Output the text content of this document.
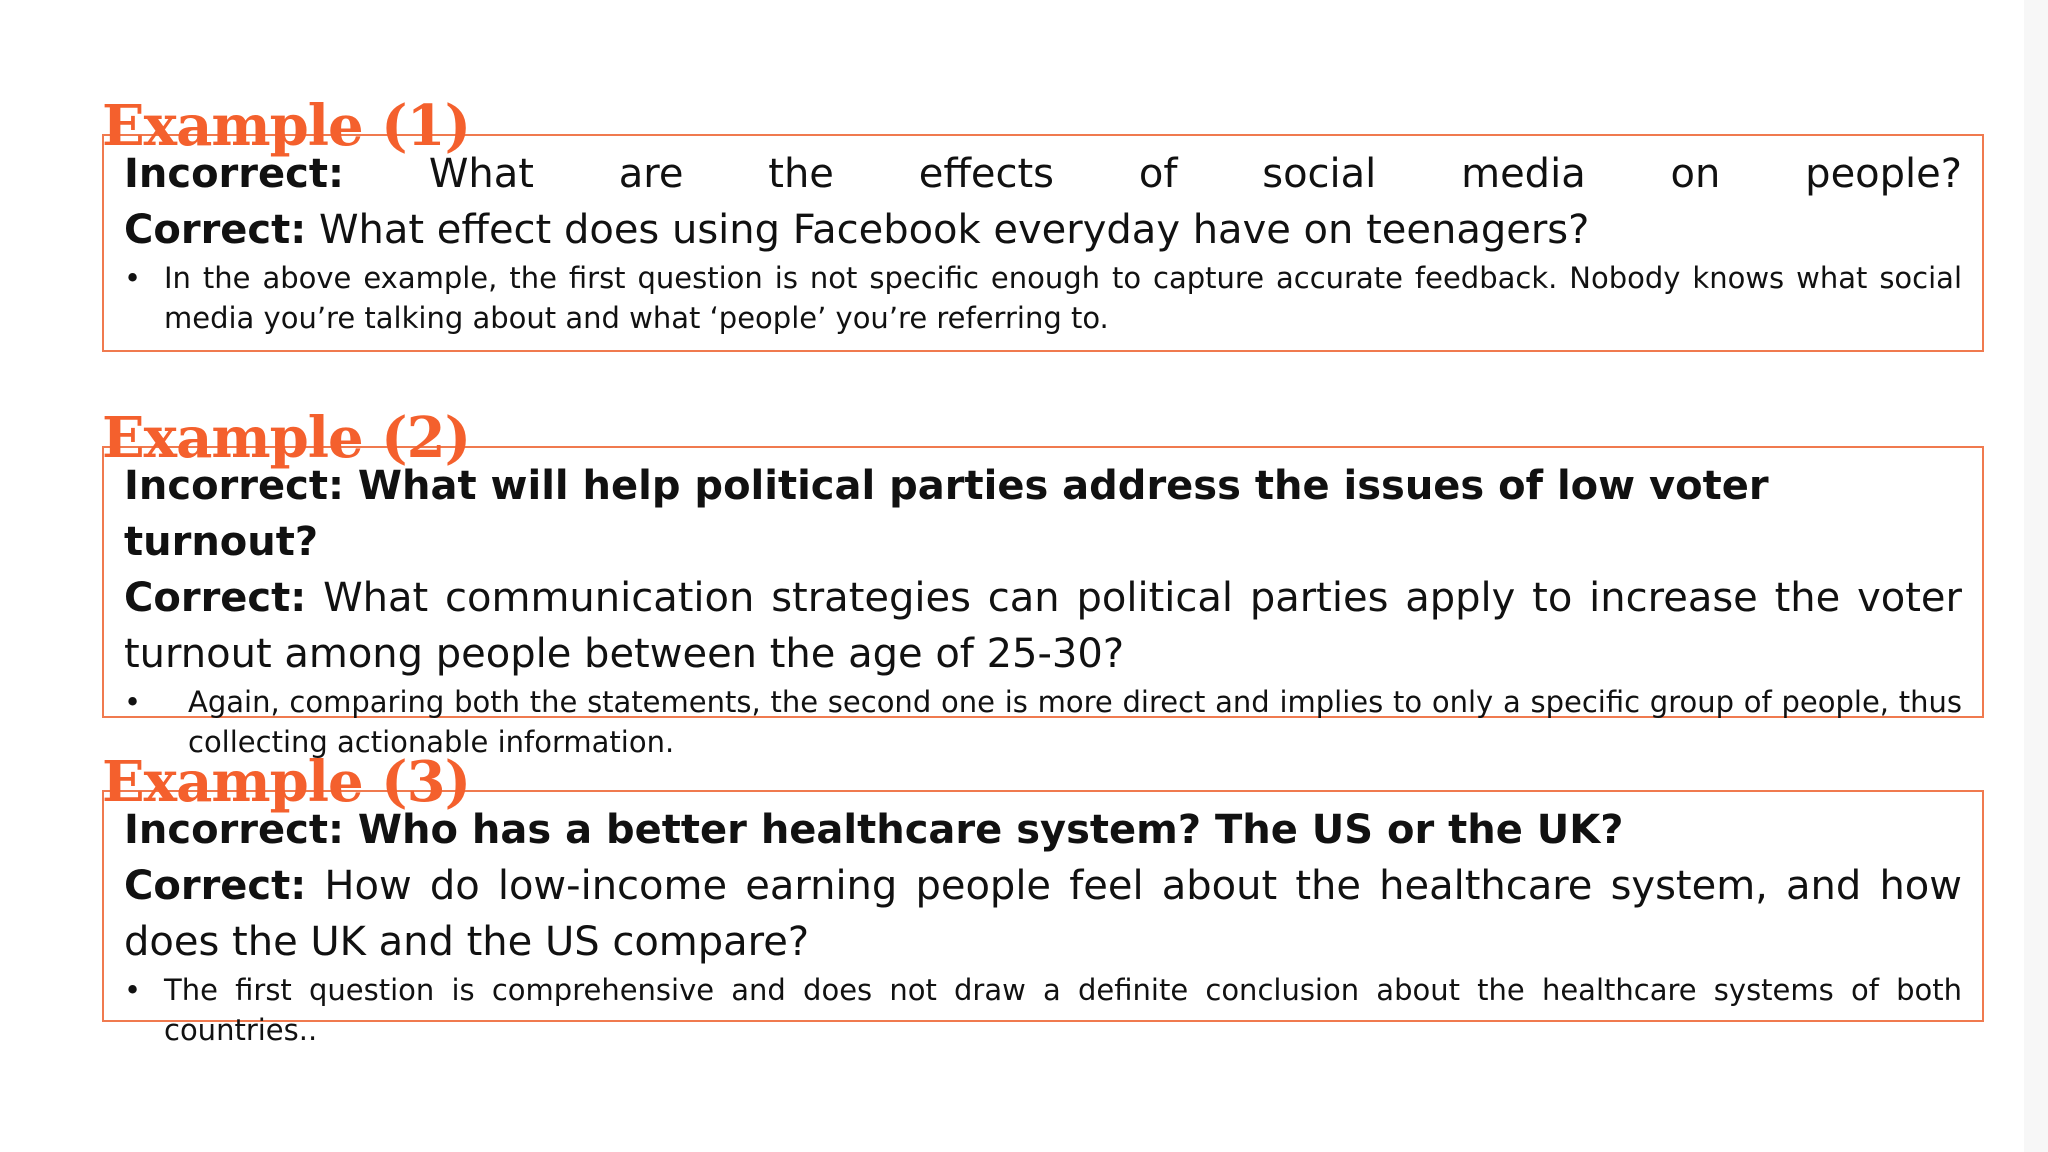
Example (1)

Incorrect: What are the effects of social media on people?

Correct: What effect does using Facebook everyday have on teenagers?

• In the above example, the first question is not specific enough to capture accurate feedback. Nobody knows what social media you’re talking about and what ‘people’ you’re referring to.
Example (2)

Incorrect: What will help political parties address the issues of low voter turnout?

Correct: What communication strategies can political parties apply to increase the voter turnout among people between the age of 25-30?

•	Again, comparing both the statements, the second one is more direct and implies to only a specific group of people, thus collecting actionable information.
Example (3)

Incorrect: Who has a better healthcare system? The US or the UK?

Correct: How do low-income earning people feel about the healthcare system, and how does the UK and the US compare?

• The first question is comprehensive and does not draw a definite conclusion about the healthcare systems of both countries..
